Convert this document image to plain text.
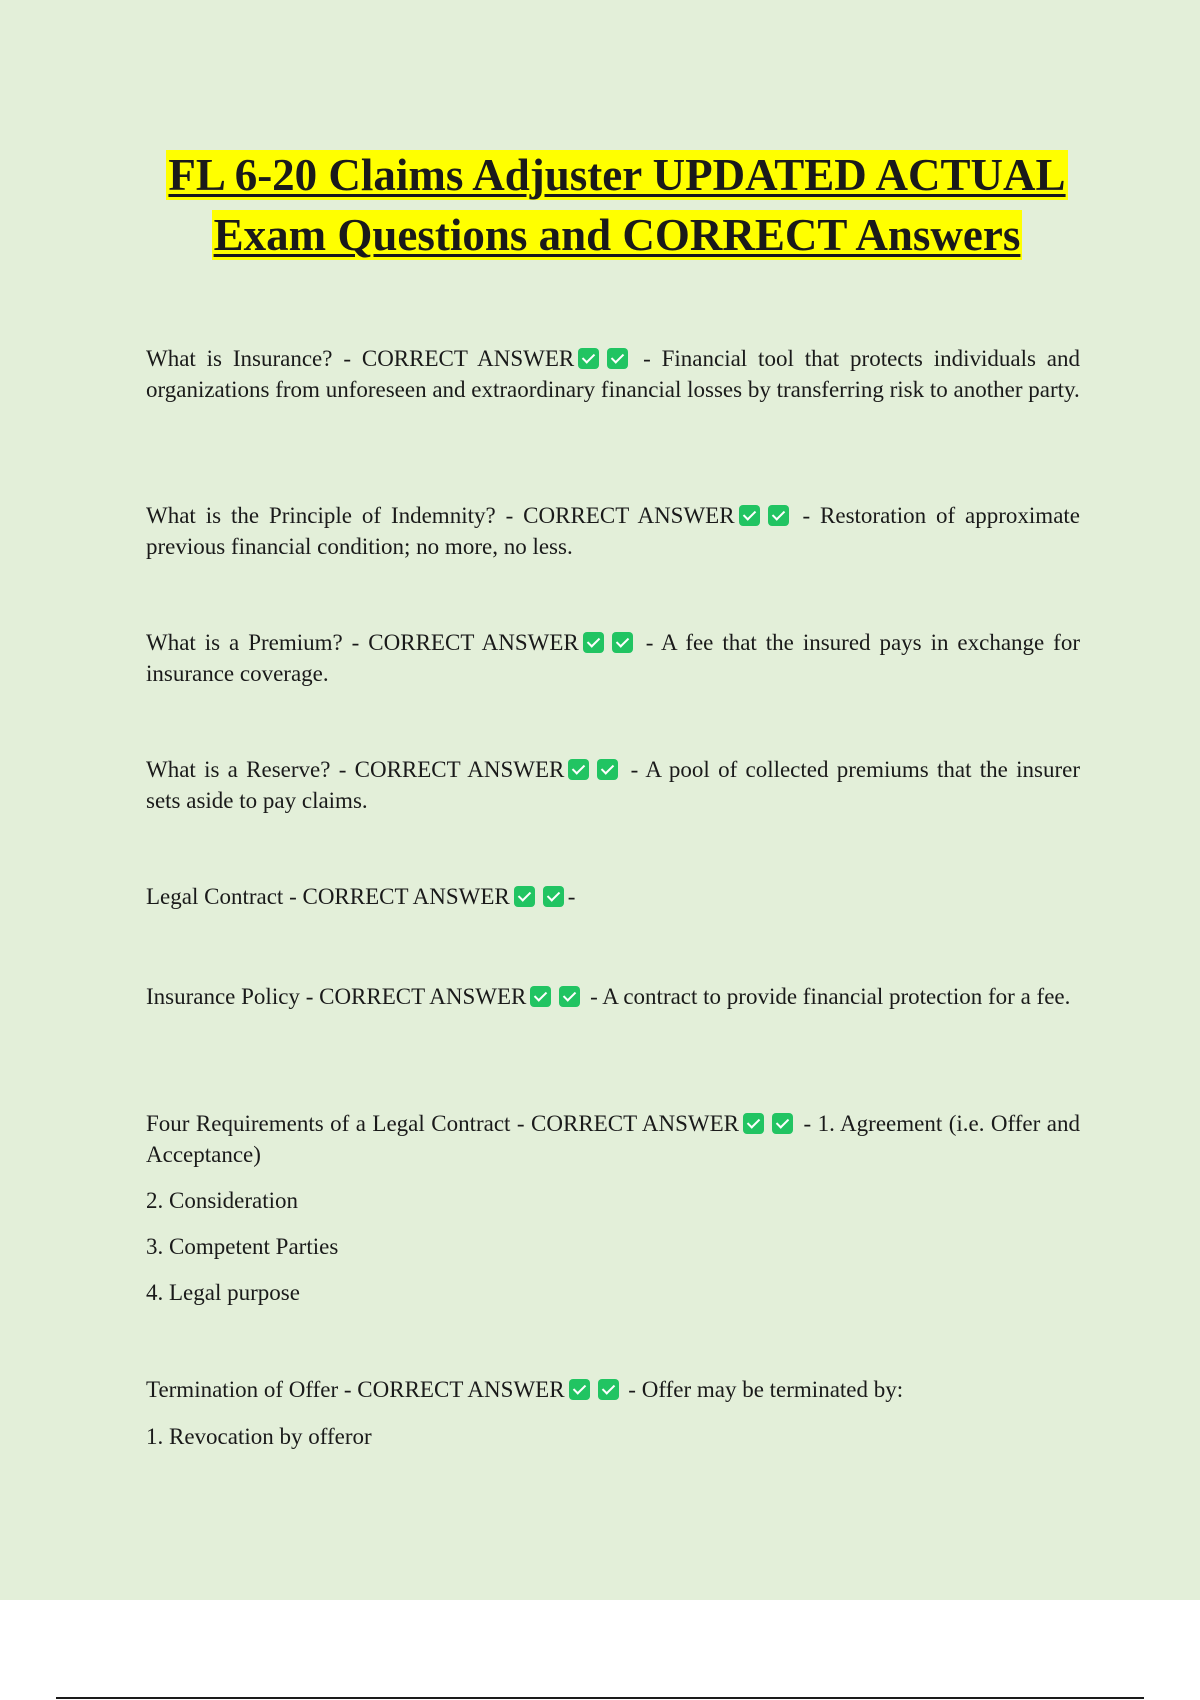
FL 6-20 Claims Adjuster UPDATED ACTUAL Exam Questions and CORRECT Answers

What is Insurance? - CORRECT ANSWER	- Financial tool that protects individuals and organizations from unforeseen and extraordinary financial losses by transferring risk to another party.

What is the Principle of Indemnity? - CORRECT ANSWER	- Restoration of approximate previous financial condition; no more, no less.

What is a Premium? - CORRECT ANSWER	- A fee that the insured pays in exchange for insurance coverage.

What is a Reserve? - CORRECT ANSWER	- A pool of collected premiums that the insurer sets aside to pay claims.

Legal Contract - CORRECT ANSWER	-

Insurance Policy - CORRECT ANSWER	- A contract to provide financial protection for a fee.

Four Requirements of a Legal Contract - CORRECT ANSWER	- 1. Agreement (i.e. Offer and Acceptance)

2. Consideration

3. Competent Parties

4. Legal purpose

Termination of Offer - CORRECT ANSWER	- Offer may be terminated by:

1. Revocation by offeror
